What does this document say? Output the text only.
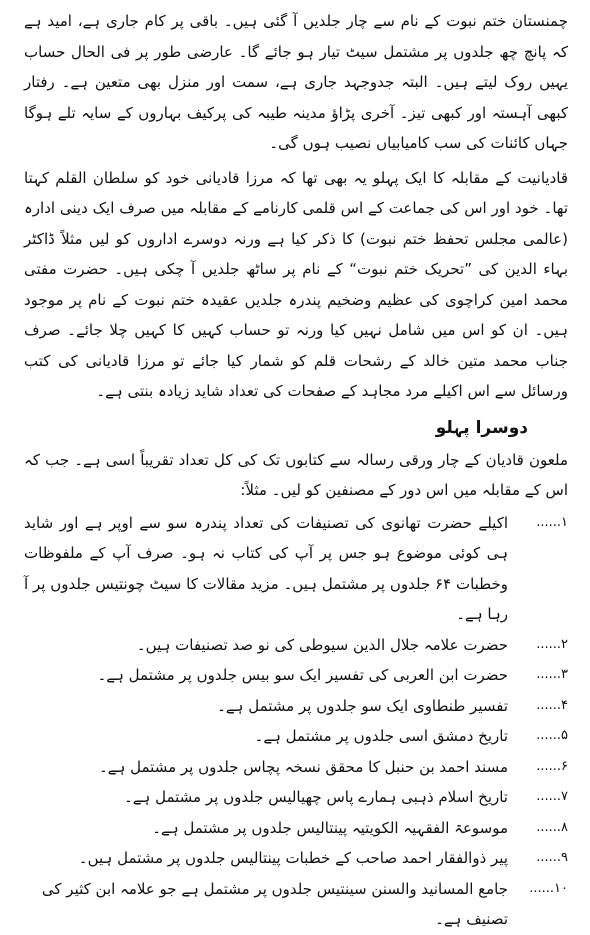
چمنستان ختم نبوت کے نام سے چار جلدیں آ گئی ہیں۔ باقی پر کام جاری ہے، امید ہے کہ پانچ چھ جلدوں پر مشتمل سیٹ تیار ہو جائے گا۔ عارضی طور پر فی الحال حساب یہیں روک لیتے ہیں۔ البتہ جدوجہد جاری ہے، سمت اور منزل بھی متعین ہے۔ رفتار کبھی آہستہ اور کبھی تیز۔ آخری پڑاؤ مدینہ طیبہ کی پرکیف بہاروں کے سایہ تلے ہوگا جہاں کائنات کی سب کامیابیاں نصیب ہوں گی۔

قادیانیت کے مقابلہ کا ایک پہلو یہ بھی تھا کہ مرزا قادیانی خود کو سلطان القلم کہتا تھا۔ خود اور اس کی جماعت کے اس قلمی کارنامے کے مقابلہ میں صرف ایک دینی ادارہ (عالمی مجلس تحفظ ختم نبوت) کا ذکر کیا ہے ورنہ دوسرے اداروں کو لیں مثلاً ڈاکٹر بہاء الدین کی ”تحریک ختم نبوت“ کے نام پر ساٹھ جلدیں آ چکی ہیں۔ حضرت مفتی محمد امین کراچوی کی عظیم وضخیم پندرہ جلدیں عقیدہ ختم نبوت کے نام پر موجود ہیں۔ ان کو اس میں شامل نہیں کیا ورنہ تو حساب کہیں کا کہیں چلا جائے۔ صرف جناب محمد متین خالد کے رشحات قلم کو شمار کیا جائے تو مرزا قادیانی کی کتب ورسائل سے اس اکیلے مرد مجاہد کے صفحات کی تعداد شاید زیادہ بنتی ہے۔

دوسرا پہلو

ملعون قادیان کے چار ورقی رسالہ سے کتابوں تک کی کل تعداد تقریباً اسی ہے۔ جب کہ اس کے مقابلہ میں اس دور کے مصنفین کو لیں۔ مثلاً:

۱......
اکیلے حضرت تھانوی کی تصنیفات کی تعداد پندرہ سو سے اوپر ہے اور شاید ہی کوئی موضوع ہو جس پر آپ کی کتاب نہ ہو۔ صرف آپ کے ملفوظات وخطبات ۶۴ جلدوں پر مشتمل ہیں۔ مزید مقالات کا سیٹ چونتیس جلدوں پر آ رہا ہے۔
۲......
حضرت علامہ جلال الدین سیوطی کی نو صد تصنیفات ہیں۔
۳......
حضرت ابن العربی کی تفسیر ایک سو بیس جلدوں پر مشتمل ہے۔
۴......
تفسیر طنطاوی ایک سو جلدوں پر مشتمل ہے۔
۵......
تاریخ دمشق اسی جلدوں پر مشتمل ہے۔
۶......
مسند احمد بن حنبل کا محقق نسخہ پچاس جلدوں پر مشتمل ہے۔
۷......
تاریخ اسلام ذہبی ہمارے پاس چھیالیس جلدوں پر مشتمل ہے۔
۸......
موسوعۃ الفقہیہ الکویتیہ پینتالیس جلدوں پر مشتمل ہے۔
۹......
پیر ذوالفقار احمد صاحب کے خطبات پینتالیس جلدوں پر مشتمل ہیں۔
۱۰......
جامع المسانید والسنن سینتیس جلدوں پر مشتمل ہے جو علامہ ابن کثیر کی تصنیف ہے۔
